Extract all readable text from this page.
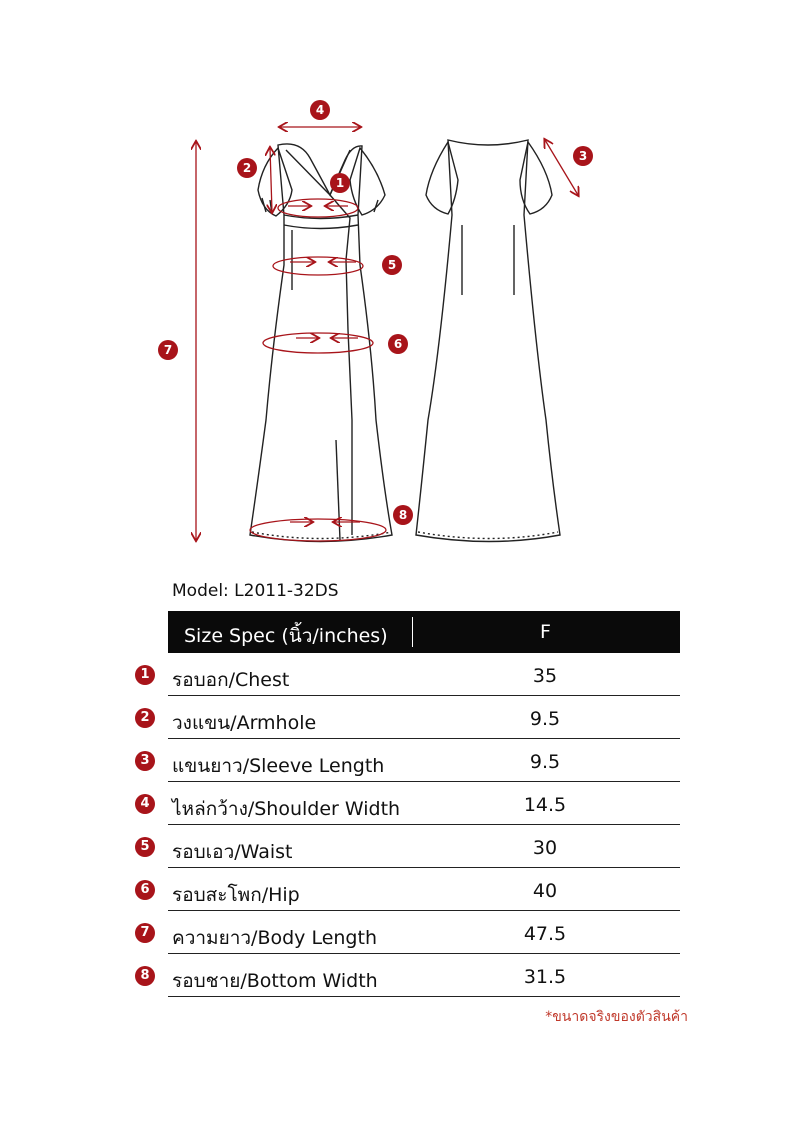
4
2
1
3
5
6
7
8
Model: L2011-32DS
Size Spec (นิ้ว/inches)	F
1 รอบอก/Chest	35
2 วงแขน/Armhole	9.5
3 แขนยาว/Sleeve Length	9.5
4 ไหล่กว้าง/Shoulder Width	14.5
5 รอบเอว/Waist	30
6 รอบสะโพก/Hip	40
7 ความยาว/Body Length	47.5
8 รอบชาย/Bottom Width	31.5
*ขนาดจริงของตัวสินค้า
